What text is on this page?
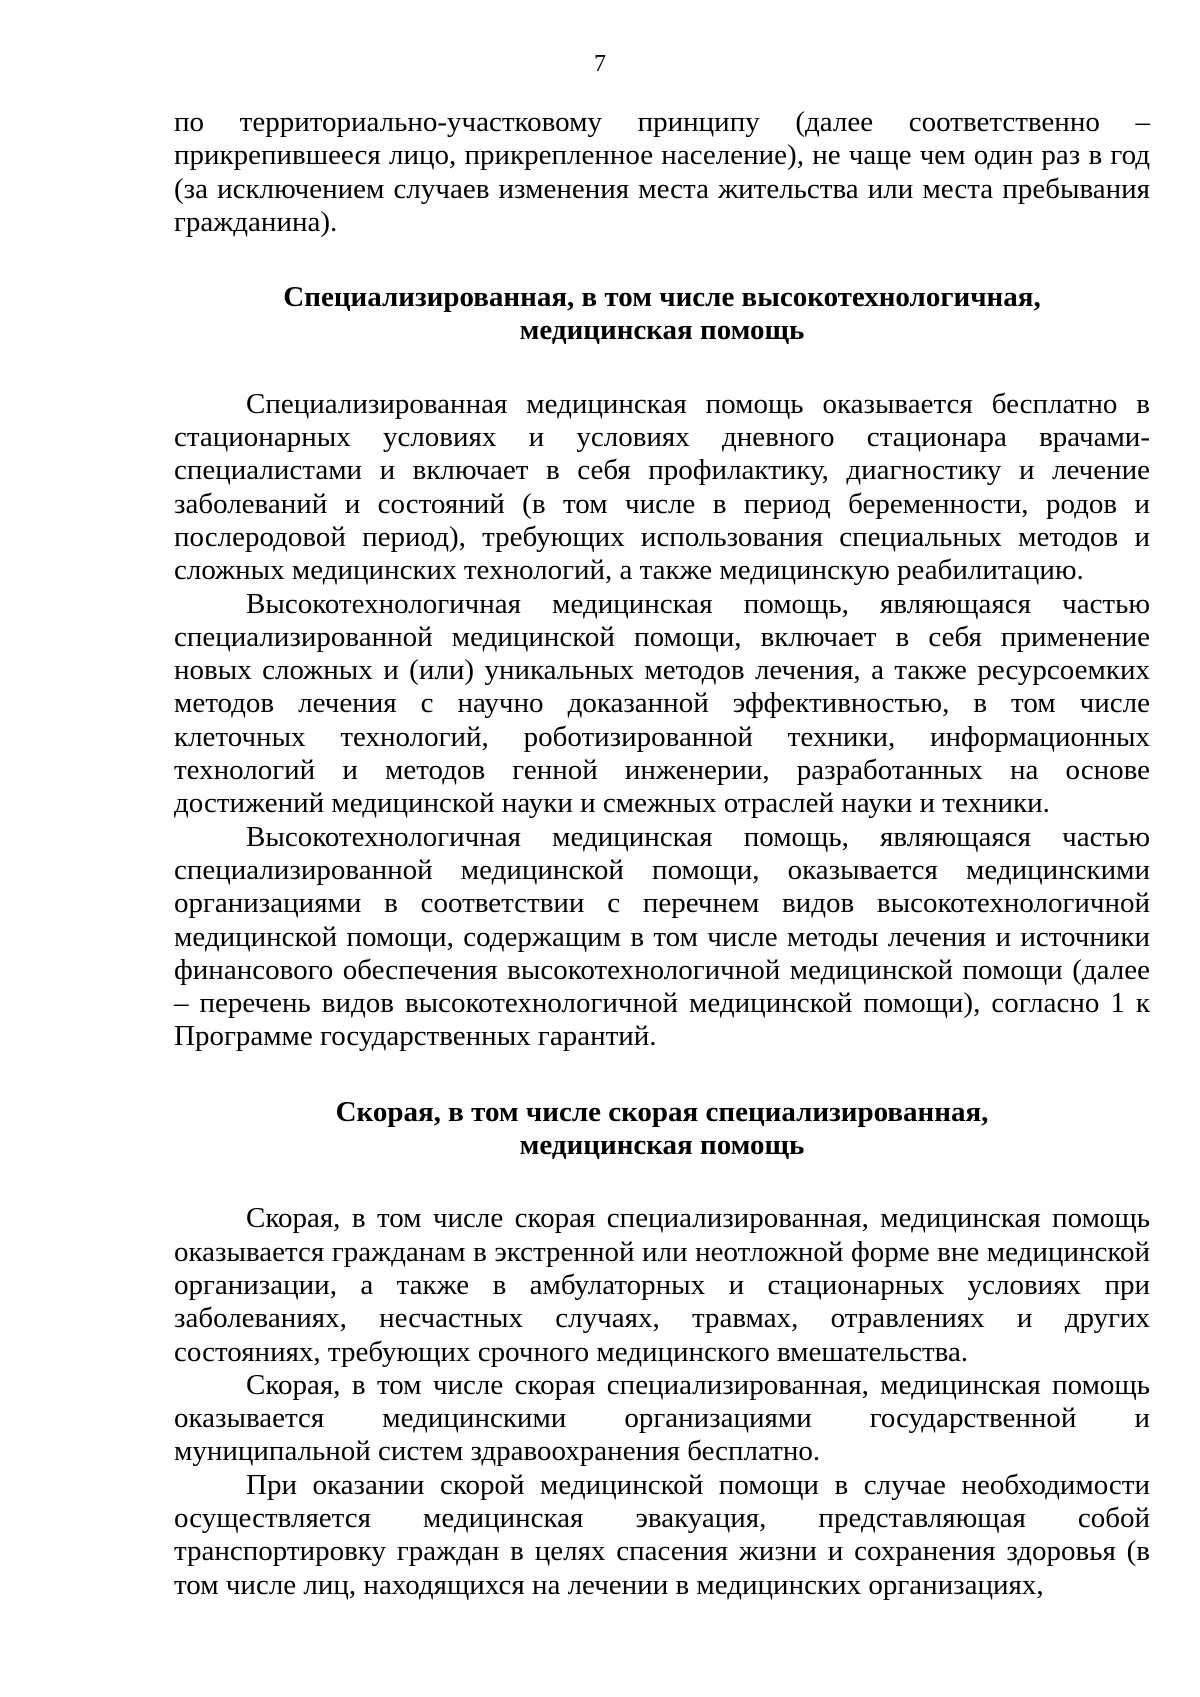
7

по территориально-участковому принципу (далее соответственно – прикрепившееся лицо, прикрепленное население), не чаще чем один раз в год (за исключением случаев изменения места жительства или места пребывания гражданина).

Специализированная, в том числе высокотехнологичная,
медицинская помощь

Специализированная медицинская помощь оказывается бесплатно в стационарных условиях и условиях дневного стационара врачами-специалистами и включает в себя профилактику, диагностику и лечение заболеваний и состояний (в том числе в период беременности, родов и послеродовой период), требующих использования специальных методов и сложных медицинских технологий, а также медицинскую реабилитацию.

Высокотехнологичная медицинская помощь, являющаяся частью специализированной медицинской помощи, включает в себя применение новых сложных и (или) уникальных методов лечения, а также ресурсоемких методов лечения с научно доказанной эффективностью, в том числе клеточных технологий, роботизированной техники, информационных технологий и методов генной инженерии, разработанных на основе достижений медицинской науки и смежных отраслей науки и техники.

Высокотехнологичная медицинская помощь, являющаяся частью специализированной медицинской помощи, оказывается медицинскими организациями в соответствии с перечнем видов высокотехнологичной медицинской помощи, содержащим в том числе методы лечения и источники финансового обеспечения высокотехнологичной медицинской помощи (далее – перечень видов высокотехнологичной медицинской помощи), согласно 1 к Программе государственных гарантий.

Скорая, в том числе скорая специализированная,
медицинская помощь

Скорая, в том числе скорая специализированная, медицинская помощь оказывается гражданам в экстренной или неотложной форме вне медицинской организации, а также в амбулаторных и стационарных условиях при заболеваниях, несчастных случаях, травмах, отравлениях и других состояниях, требующих срочного медицинского вмешательства.

Скорая, в том числе скорая специализированная, медицинская помощь оказывается медицинскими организациями государственной и муниципальной систем здравоохранения бесплатно.

При оказании скорой медицинской помощи в случае необходимости осуществляется медицинская эвакуация, представляющая собой транспортировку граждан в целях спасения жизни и сохранения здоровья (в том числе лиц, находящихся на лечении в медицинских организациях,
